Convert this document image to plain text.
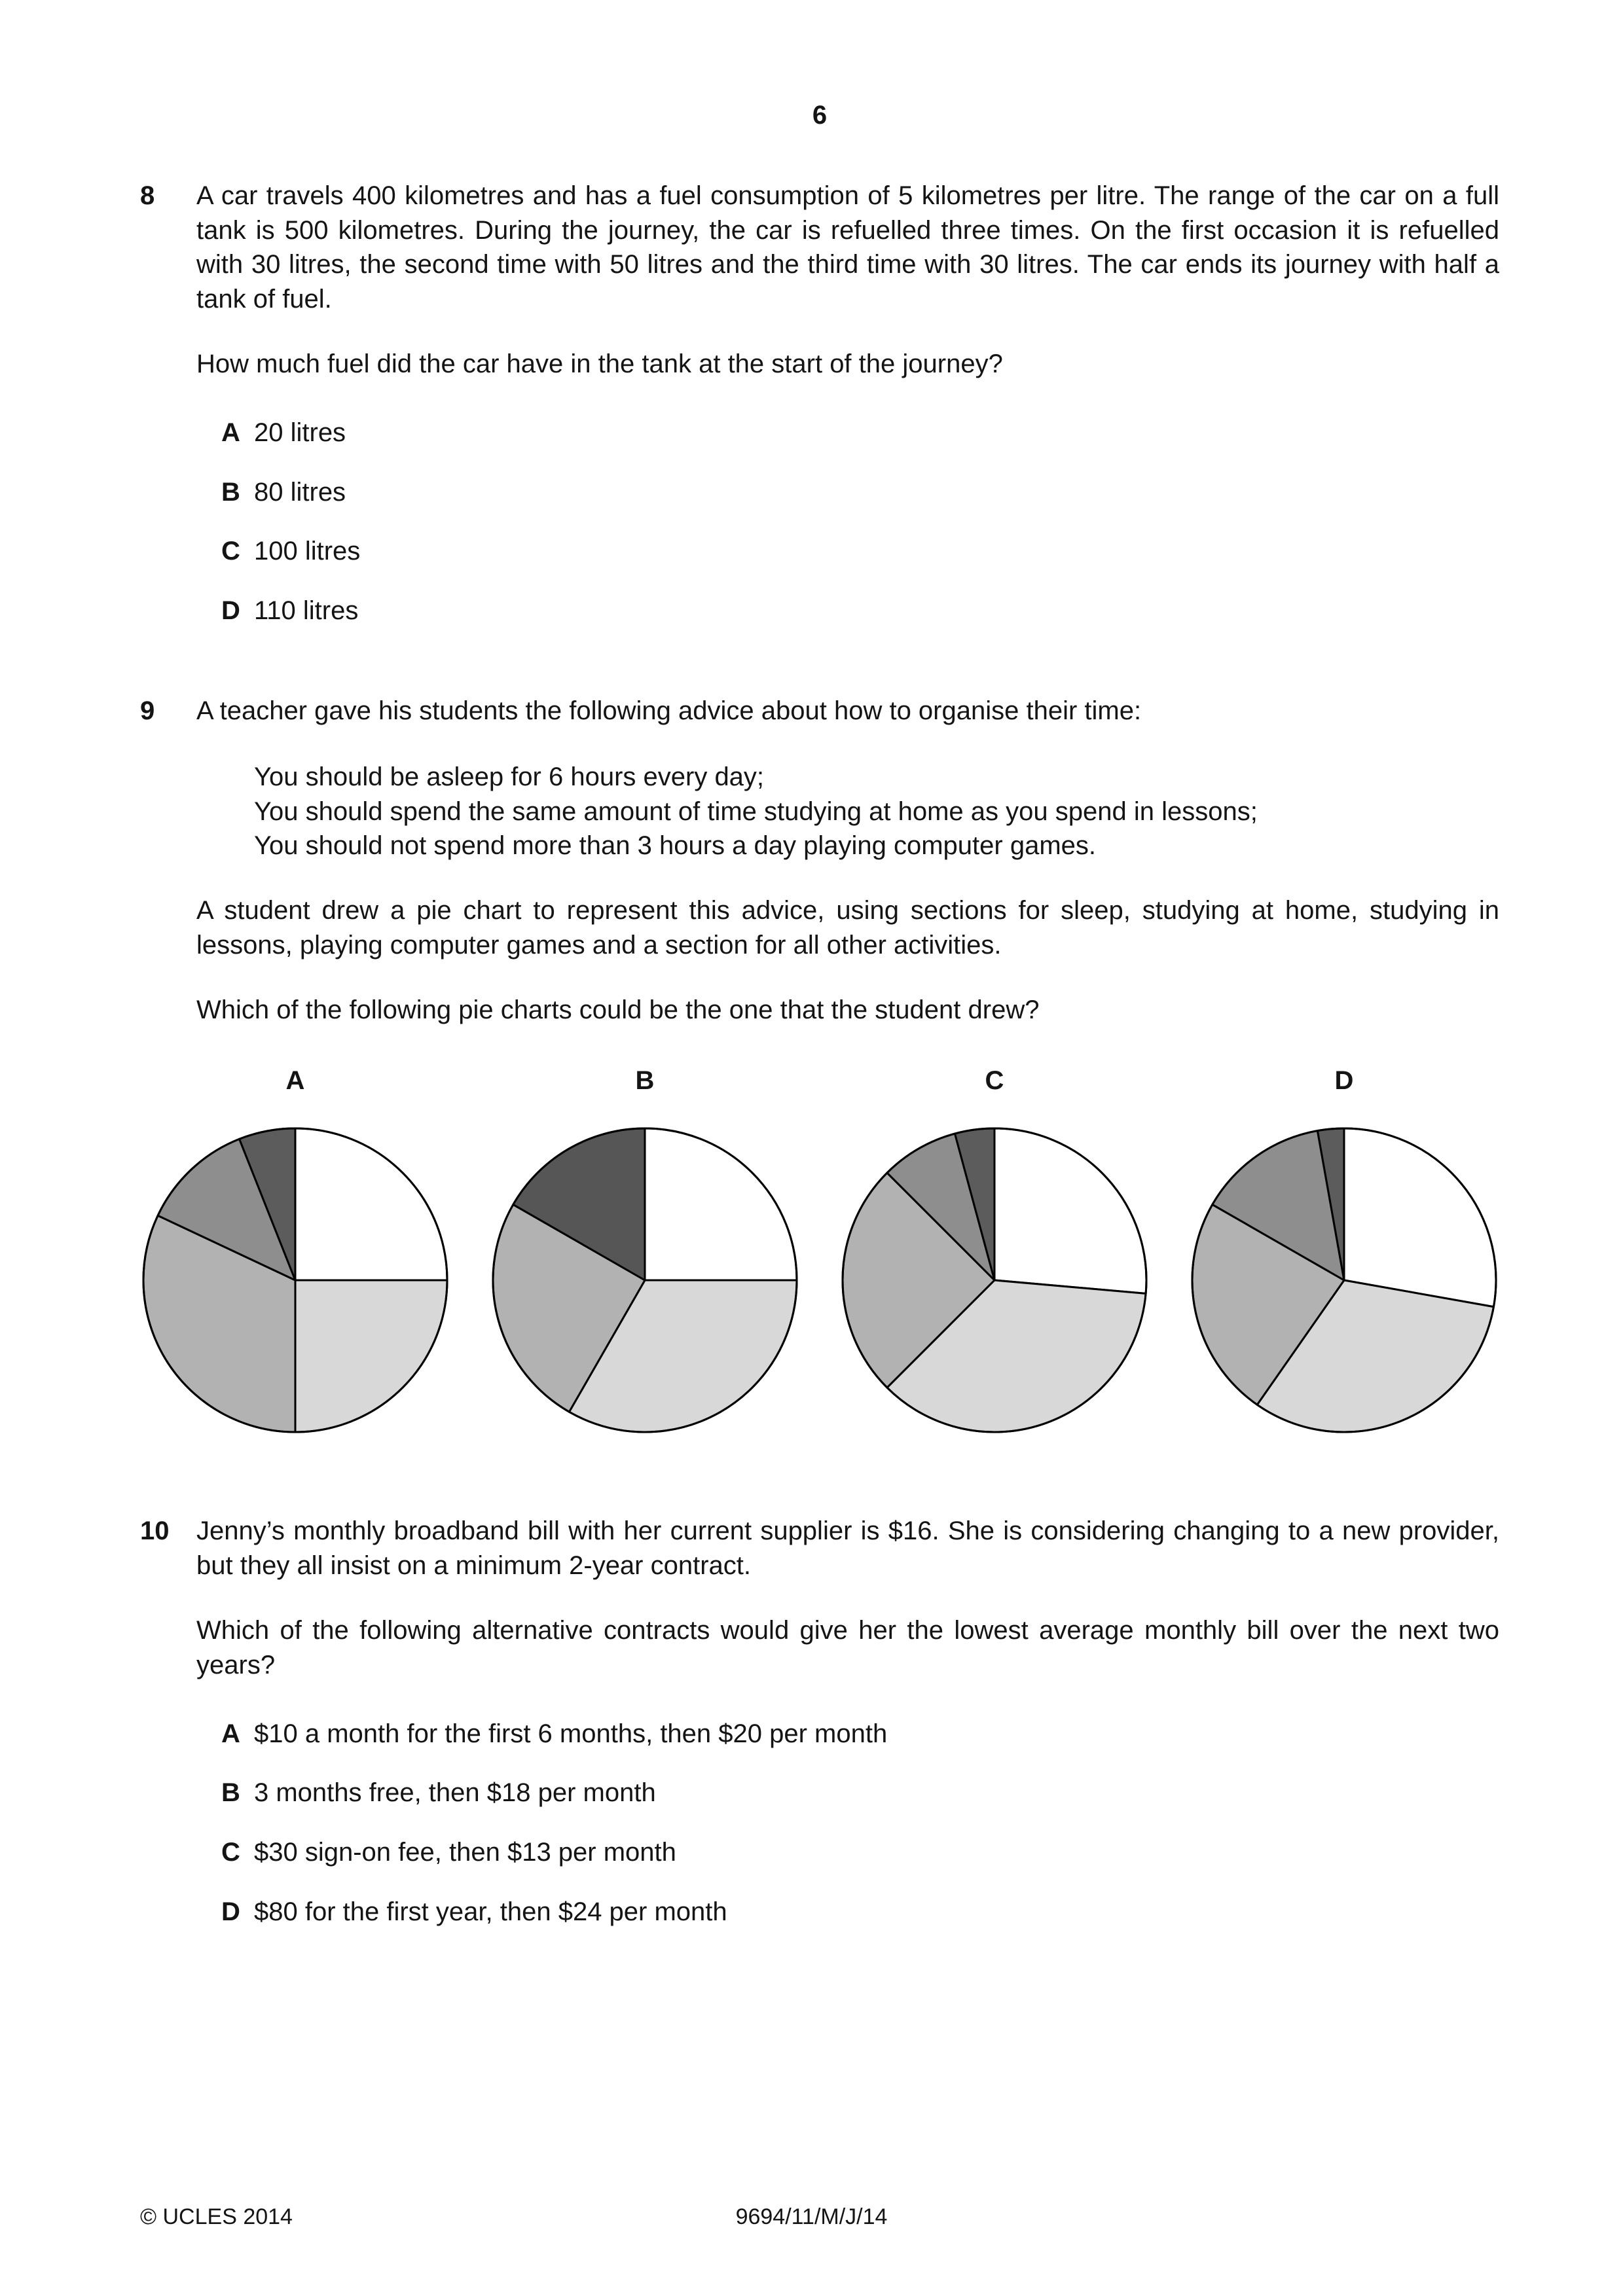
6
8	A car travels 400 kilometres and has a fuel consumption of 5 kilometres per litre. The range of the car on a full tank is 500 kilometres. During the journey, the car is refuelled three times. On the first occasion it is refuelled with 30 litres, the second time with 50 litres and the third time with 30 litres. The car ends its journey with half a tank of fuel.

How much fuel did the car have in the tank at the start of the journey?

A 20 litres
B 80 litres
C 100 litres
D 110 litres
9	A teacher gave his students the following advice about how to organise their time:

You should be asleep for 6 hours every day;

You should spend the same amount of time studying at home as you spend in lessons;

You should not spend more than 3 hours a day playing computer games.

A student drew a pie chart to represent this advice, using sections for sleep, studying at home, studying in lessons, playing computer games and a section for all other activities.

Which of the following pie charts could be the one that the student drew?

A	B	C	D
10	Jenny’s monthly broadband bill with her current supplier is $16. She is considering changing to a new provider, but they all insist on a minimum 2-year contract.

Which of the following alternative contracts would give her the lowest average monthly bill over the next two years?

A $10 a month for the first 6 months, then $20 per month
B 3 months free, then $18 per month
C $30 sign-on fee, then $13 per month
D $80 for the first year, then $24 per month
© UCLES 2014	9694/11/M/J/14
